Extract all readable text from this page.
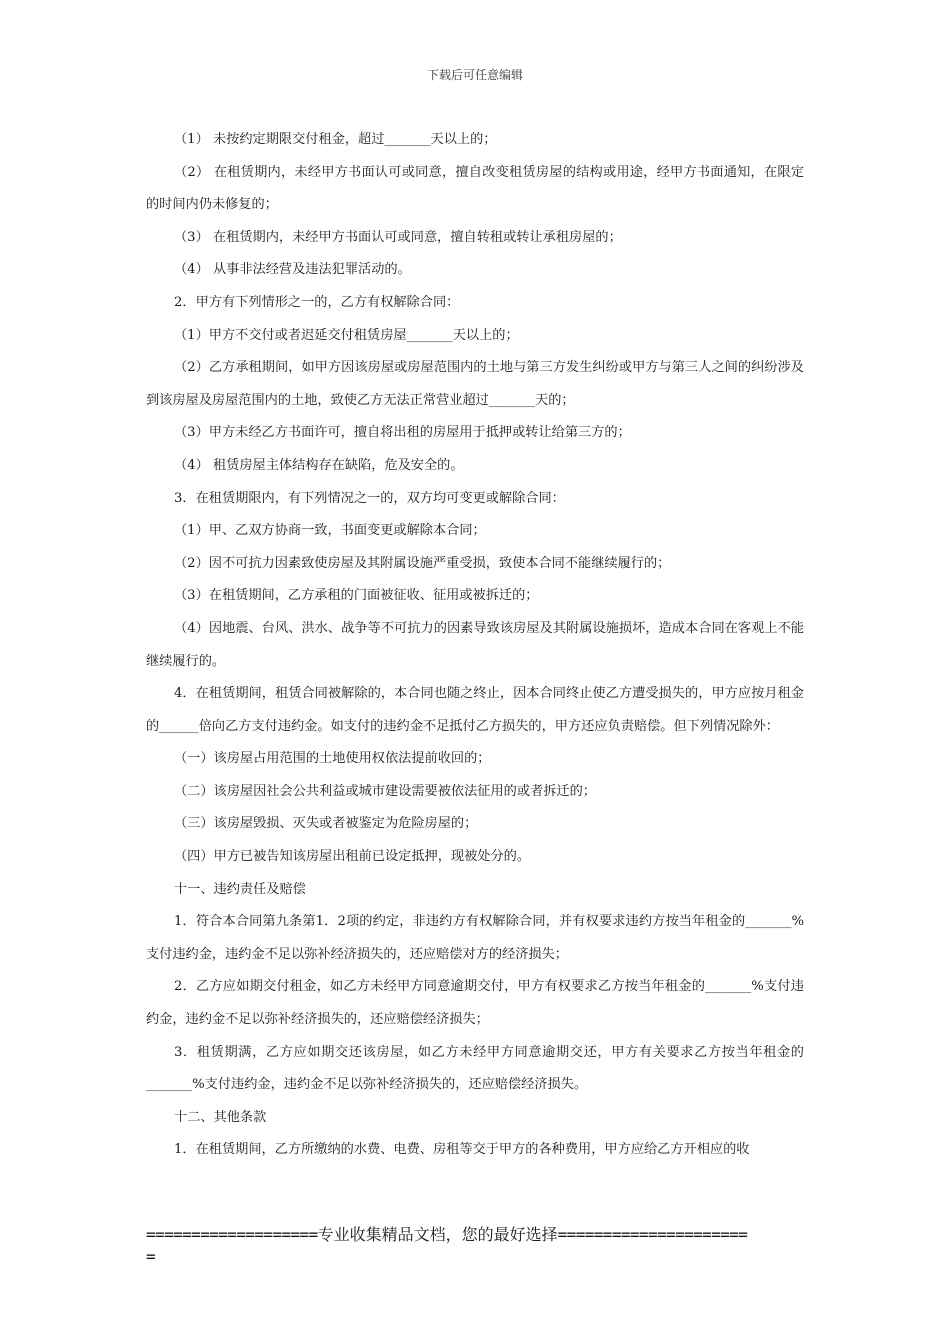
下载后可任意编辑

（1） 未按约定期限交付租金，超过_______天以上的；

（2） 在租赁期内，未经甲方书面认可或同意，擅自改变租赁房屋的结构或用途，经甲方书面通知，在限定的时间内仍未修复的；

（3） 在租赁期内，未经甲方书面认可或同意，擅自转租或转让承租房屋的；

（4） 从事非法经营及违法犯罪活动的。

2．甲方有下列情形之一的，乙方有权解除合同：

（1）甲方不交付或者迟延交付租赁房屋_______天以上的；

（2）乙方承租期间，如甲方因该房屋或房屋范围内的土地与第三方发生纠纷或甲方与第三人之间的纠纷涉及到该房屋及房屋范围内的土地，致使乙方无法正常营业超过_______天的；

（3）甲方未经乙方书面许可，擅自将出租的房屋用于抵押或转让给第三方的；

（4） 租赁房屋主体结构存在缺陷，危及安全的。

3．在租赁期限内，有下列情况之一的，双方均可变更或解除合同：

（1）甲、乙双方协商一致，书面变更或解除本合同；

（2）因不可抗力因素致使房屋及其附属设施严重受损，致使本合同不能继续履行的；

（3）在租赁期间，乙方承租的门面被征收、征用或被拆迁的；

（4）因地震、台风、洪水、战争等不可抗力的因素导致该房屋及其附属设施损坏，造成本合同在客观上不能继续履行的。

4．在租赁期间，租赁合同被解除的，本合同也随之终止，因本合同终止使乙方遭受损失的，甲方应按月租金的______倍向乙方支付违约金。如支付的违约金不足抵付乙方损失的，甲方还应负责赔偿。但下列情况除外：

（一）该房屋占用范围的土地使用权依法提前收回的；

（二）该房屋因社会公共利益或城市建设需要被依法征用的或者拆迁的；

（三）该房屋毁损、灭失或者被鉴定为危险房屋的；

（四）甲方已被告知该房屋出租前已设定抵押，现被处分的。

十一、违约责任及赔偿

1．符合本合同第九条第1．2项的约定，非违约方有权解除合同，并有权要求违约方按当年租金的_______%支付违约金，违约金不足以弥补经济损失的，还应赔偿对方的经济损失；

2．乙方应如期交付租金，如乙方未经甲方同意逾期交付，甲方有权要求乙方按当年租金的_______%支付违约金，违约金不足以弥补经济损失的，还应赔偿经济损失；

3．租赁期满，乙方应如期交还该房屋，如乙方未经甲方同意逾期交还，甲方有关要求乙方按当年租金的_______%支付违约金，违约金不足以弥补经济损失的，还应赔偿经济损失。

十二、其他条款

1．在租赁期间，乙方所缴纳的水费、电费、房租等交于甲方的各种费用，甲方应给乙方开相应的收

===================专业收集精品文档，您的最好选择=====================
=
